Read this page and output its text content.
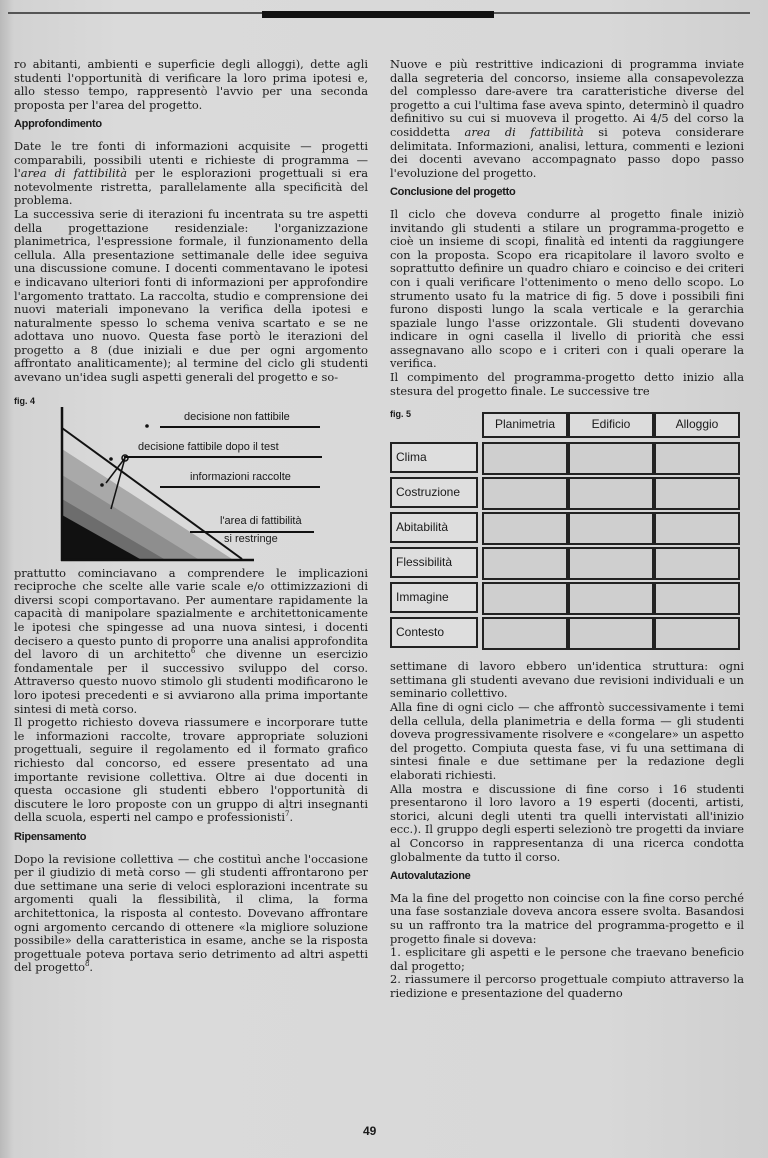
ro abitanti, ambienti e superficie degli alloggi), dette agli studenti l'opportunità di verificare la loro prima ipotesi e, allo stesso tempo, rappresentò l'avvio per una seconda proposta per l'area del progetto.

Approfondimento

Date le tre fonti di informazioni acquisite — progetti comparabili, possibili utenti e richieste di programma — l'area di fattibilità per le esplorazioni progettuali si era notevolmente ristretta, parallelamente alla specificità del problema.

La successiva serie di iterazioni fu incentrata su tre aspetti della progettazione residenziale: l'organizzazione planimetrica, l'espressione formale, il funzionamento della cellula. Alla presentazione settimanale delle idee seguiva una discussione comune. I docenti commentavano le ipotesi e indicavano ulteriori fonti di informazioni per approfondire l'argomento trattato. La raccolta, studio e comprensione dei nuovi materiali imponevano la verifica della ipotesi e naturalmente spesso lo schema veniva scartato e se ne adottava uno nuovo. Questa fase portò le iterazioni del progetto a 8 (due iniziali e due per ogni argomento affrontato analiticamente); al termine del ciclo gli studenti avevano un'idea sugli aspetti generali del progetto e so-

fig. 4
decisione non fattibile
decisione fattibile dopo il test
informazioni raccolte
l'area di fattibilità
si restringe

prattutto cominciavano a comprendere le implicazioni reciproche che scelte alle varie scale e/o ottimizzazioni di diversi scopi comportavano. Per aumentare rapidamente la capacità di manipolare spazialmente e architettonicamente le ipotesi che spingesse ad una nuova sintesi, i docenti decisero a questo punto di proporre una analisi approfondita del lavoro di un architetto$^6$ che divenne un esercizio fondamentale per il successivo sviluppo del corso. Attraverso questo nuovo stimolo gli studenti modificarono le loro ipotesi precedenti e si avviarono alla prima importante sintesi di metà corso.

Il progetto richiesto doveva riassumere e incorporare tutte le informazioni raccolte, trovare appropriate soluzioni progettuali, seguire il regolamento ed il formato grafico richiesto dal concorso, ed essere presentato ad una importante revisione collettiva. Oltre ai due docenti in questa occasione gli studenti ebbero l'opportunità di discutere le loro proposte con un gruppo di altri insegnanti della scuola, esperti nel campo e professionisti$^7$.

Ripensamento

Dopo la revisione collettiva — che costituì anche l'occasione per il giudizio di metà corso — gli studenti affrontarono per due settimane una serie di veloci esplorazioni incentrate su argomenti quali la flessibilità, il clima, la forma architettonica, la risposta al contesto. Dovevano affrontare ogni argomento cercando di ottenere «la migliore soluzione possibile» della caratteristica in esame, anche se la risposta progettuale poteva portava serio detrimento ad altri aspetti del progetto$^8$.

Nuove e più restrittive indicazioni di programma inviate dalla segreteria del concorso, insieme alla consapevolezza del complesso dare-avere tra caratteristiche diverse del progetto a cui l'ultima fase aveva spinto, determinò il quadro definitivo su cui si muoveva il progetto. Ai 4/5 del corso la cosiddetta area di fattibilità si poteva considerare delimitata. Informazioni, analisi, lettura, commenti e lezioni dei docenti avevano accompagnato passo dopo passo l'evoluzione del progetto.

Conclusione del progetto

Il ciclo che doveva condurre al progetto finale iniziò invitando gli studenti a stilare un programma-progetto e cioè un insieme di scopi, finalità ed intenti da raggiungere con la proposta. Scopo era ricapitolare il lavoro svolto e soprattutto definire un quadro chiaro e coinciso e dei criteri con i quali verificare l'ottenimento o meno dello scopo. Lo strumento usato fu la matrice di fig. 5 dove i possibili fini furono disposti lungo la scala verticale e la gerarchia spaziale lungo l'asse orizzontale. Gli studenti dovevano indicare in ogni casella il livello di priorità che essi assegnavano allo scopo e i criteri con i quali operare la verifica.

Il compimento del programma-progetto detto inizio alla stesura del progetto finale. Le successive tre

fig. 5
Planimetria	Edificio	Alloggio
Clima
Costruzione
Abitabilità
Flessibilità
Immagine
Contesto

settimane di lavoro ebbero un'identica struttura: ogni settimana gli studenti avevano due revisioni individuali e un seminario collettivo.

Alla fine di ogni ciclo — che affrontò successivamente i temi della cellula, della planimetria e della forma — gli studenti doveva progressivamente risolvere e «congelare» un aspetto del progetto. Compiuta questa fase, vi fu una settimana di sintesi finale e due settimane per la redazione degli elaborati richiesti.

Alla mostra e discussione di fine corso i 16 studenti presentarono il loro lavoro a 19 esperti (docenti, artisti, storici, alcuni degli utenti tra quelli intervistati all'inizio ecc.). Il gruppo degli esperti selezionò tre progetti da inviare al Concorso in rappresentanza di una ricerca condotta globalmente da tutto il corso.

Autovalutazione

Ma la fine del progetto non coincise con la fine corso perché una fase sostanziale doveva ancora essere svolta. Basandosi su un raffronto tra la matrice del programma-progetto e il progetto finale si doveva:

1. esplicitare gli aspetti e le persone che traevano beneficio dal progetto;

2. riassumere il percorso progettuale compiuto attraverso la riedizione e presentazione del quaderno

49
